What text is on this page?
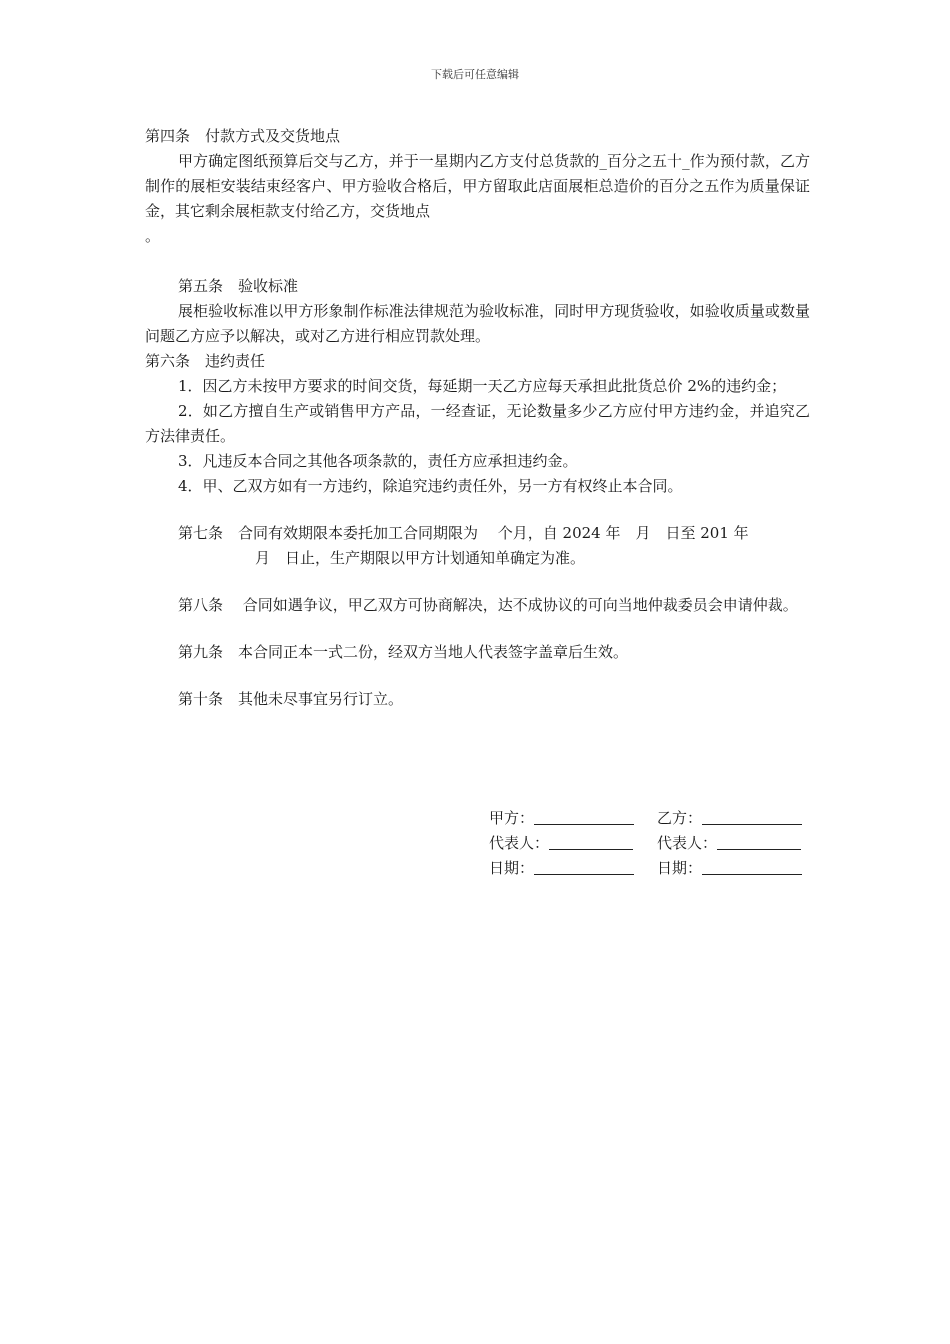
下载后可任意编辑
第四条　付款方式及交货地点
甲方确定图纸预算后交与乙方，并于一星期内乙方支付总货款的_百分之五十_作为预付款，乙方制作的展柜安装结束经客户、甲方验收合格后，甲方留取此店面展柜总造价的百分之五作为质量保证金，其它剩余展柜款支付给乙方，交货地点
。
第五条　验收标准
展柜验收标准以甲方形象制作标准法律规范为验收标准，同时甲方现货验收，如验收质量或数量问题乙方应予以解决，或对乙方进行相应罚款处理。
第六条　违约责任
1．因乙方未按甲方要求的时间交货，每延期一天乙方应每天承担此批货总价 2%的违约金；
2．如乙方擅自生产或销售甲方产品，一经查证，无论数量多少乙方应付甲方违约金，并追究乙方法律责任。
3．凡违反本合同之其他各项条款的，责任方应承担违约金。
4．甲、乙双方如有一方违约，除追究违约责任外，另一方有权终止本合同。
第七条　合同有效期限本委托加工合同期限为　 个月，自 2024 年　月　日至 201 年
月　日止，生产期限以甲方计划通知单确定为准。
第八条　 合同如遇争议，甲乙双方可协商解决，达不成协议的可向当地仲裁委员会申请仲裁。
第九条　本合同正本一式二份，经双方当地人代表签字盖章后生效。
第十条　其他未尽事宜另行订立。
甲方：	乙方：
代表人：	代表人：
日期：	日期：
